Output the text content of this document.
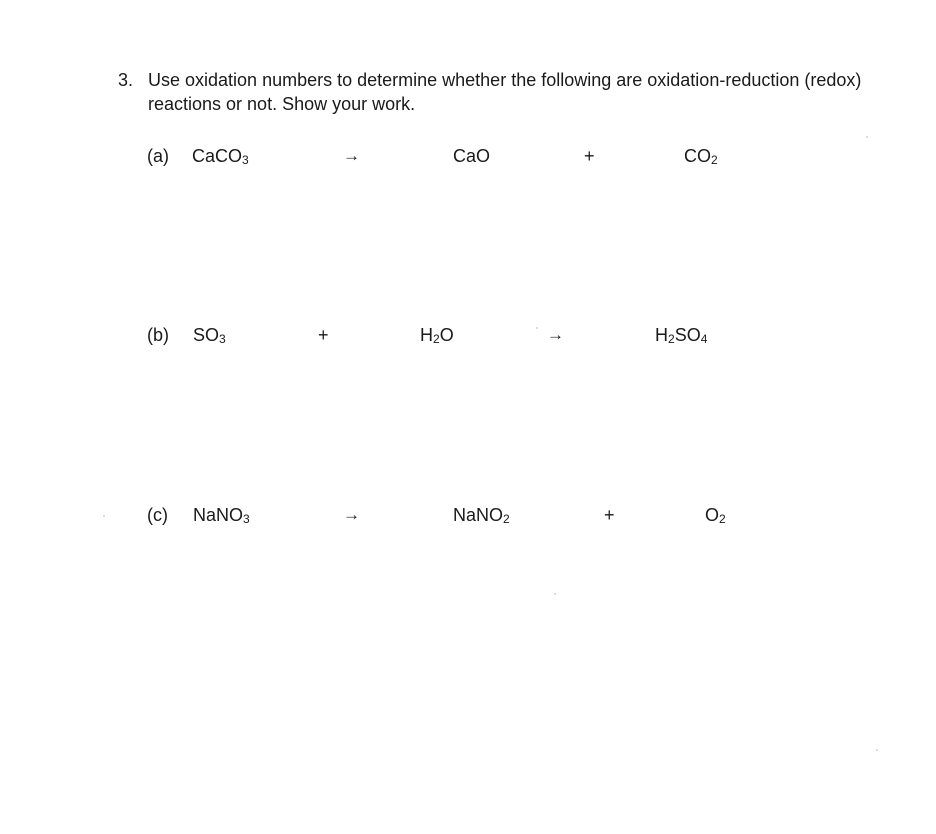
3. Use oxidation numbers to determine whether the following are oxidation-reduction (redox) reactions or not. Show your work.
(a) CaCO$_3$	→	CaO	+	$CO_2$
(b) $SO_3$	+	$H_2O$	→	$H_2SO_4$
(c) NaNO$_3$	→	NaNO$_2$	+	$O_2$
